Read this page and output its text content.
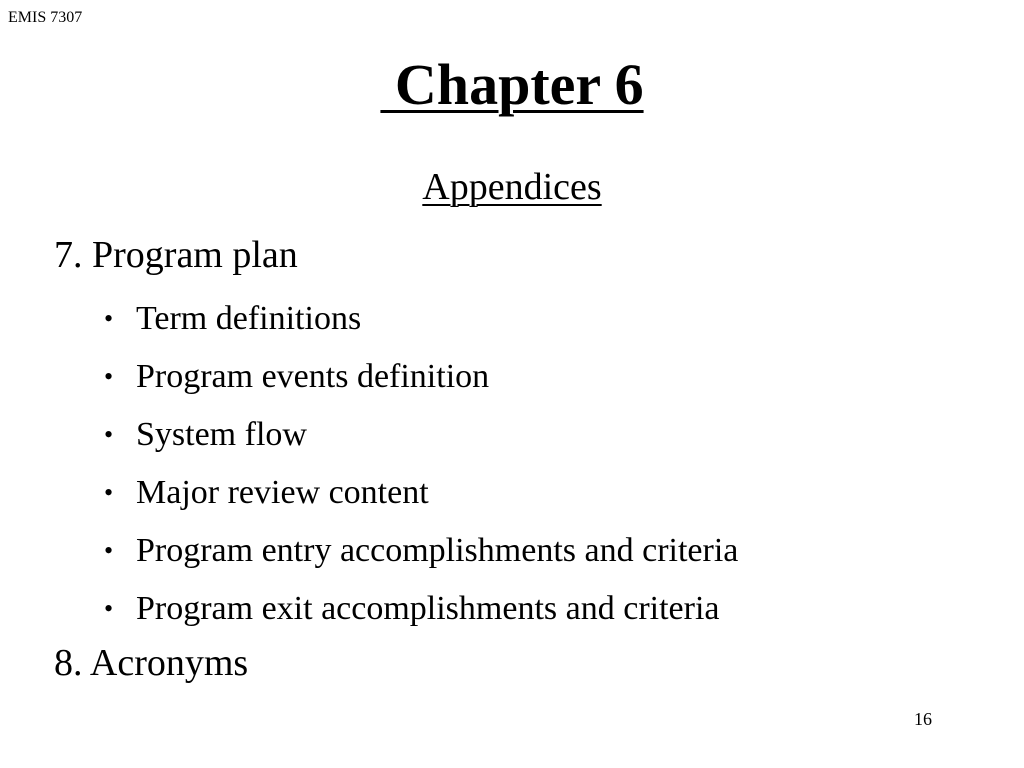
EMIS 7307
Chapter 6
Appendices
7. Program plan
• Term definitions
• Program events definition
• System flow
• Major review content
• Program entry accomplishments and criteria
• Program exit accomplishments and criteria
8. Acronyms
16
